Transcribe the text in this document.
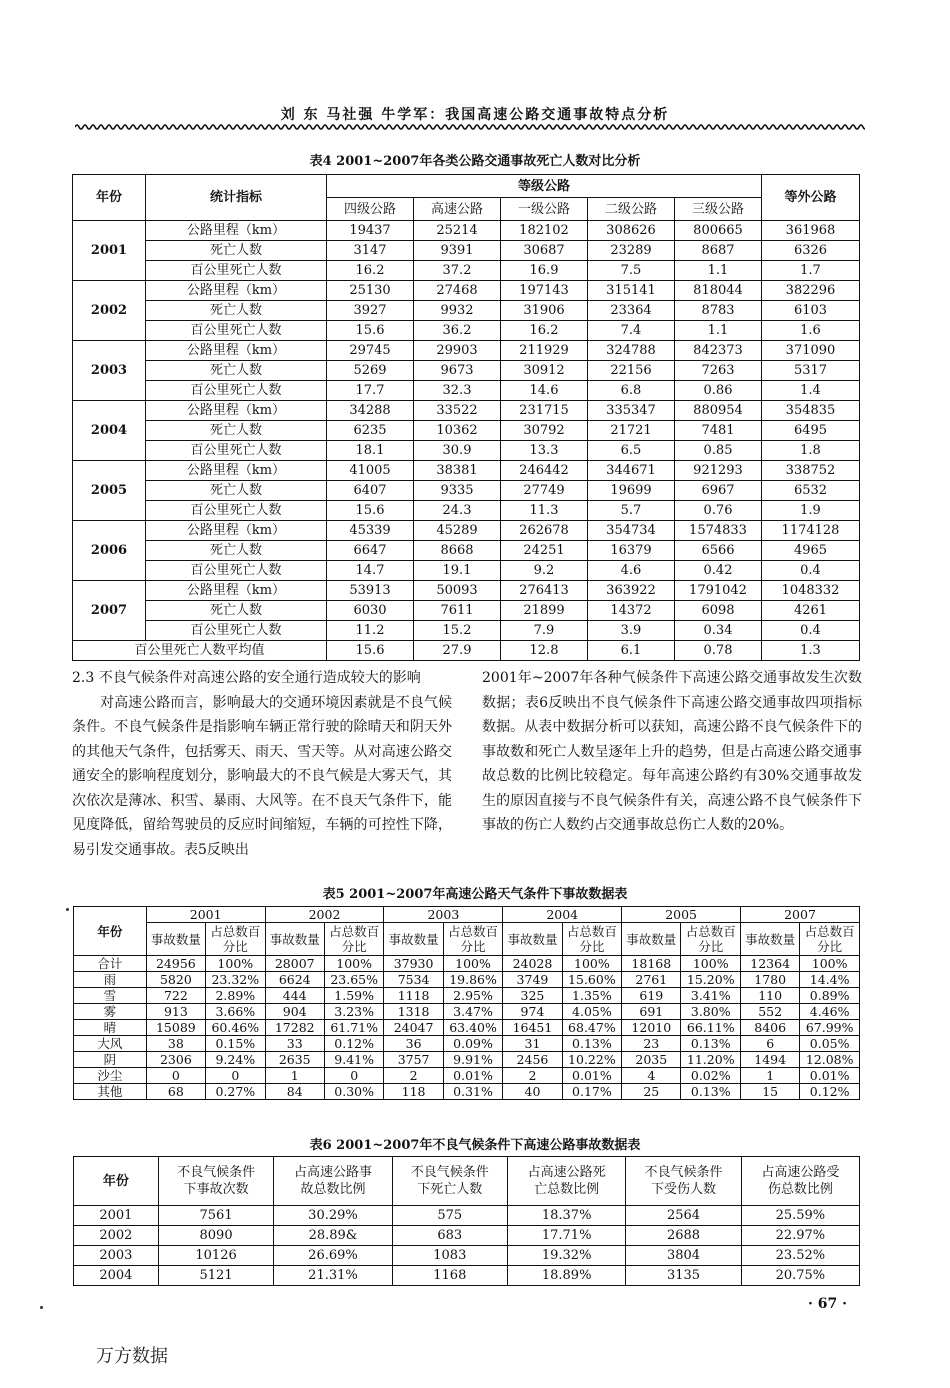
刘 东 马社强 牛学军：我国高速公路交通事故特点分析
表4 2001~2007年各类公路交通事故死亡人数对比分析
年份	统计指标	等级公路					等外公路
		四级公路	高速公路	一级公路	二级公路	三级公路	
2001	公路里程（km）	19437	25214	182102	308626	800665	361968
	死亡人数	3147	9391	30687	23289	8687	6326
	百公里死亡人数	16.2	37.2	16.9	7.5	1.1	1.7
2002	公路里程（km）	25130	27468	197143	315141	818044	382296
	死亡人数	3927	9932	31906	23364	8783	6103
	百公里死亡人数	15.6	36.2	16.2	7.4	1.1	1.6
2003	公路里程（km）	29745	29903	211929	324788	842373	371090
	死亡人数	5269	9673	30912	22156	7263	5317
	百公里死亡人数	17.7	32.3	14.6	6.8	0.86	1.4
2004	公路里程（km）	34288	33522	231715	335347	880954	354835
	死亡人数	6235	10362	30792	21721	7481	6495
	百公里死亡人数	18.1	30.9	13.3	6.5	0.85	1.8
2005	公路里程（km）	41005	38381	246442	344671	921293	338752
	死亡人数	6407	9335	27749	19699	6967	6532
	百公里死亡人数	15.6	24.3	11.3	5.7	0.76	1.9
2006	公路里程（km）	45339	45289	262678	354734	1574833	1174128
	死亡人数	6647	8668	24251	16379	6566	4965
	百公里死亡人数	14.7	19.1	9.2	4.6	0.42	0.4
2007	公路里程（km）	53913	50093	276413	363922	1791042	1048332
	死亡人数	6030	7611	21899	14372	6098	4261
	百公里死亡人数	11.2	15.2	7.9	3.9	0.34	0.4
百公里死亡人数平均值		15.6	27.9	12.8	6.1	0.78	1.3
2.3 不良气候条件对高速公路的安全通行造成较大的影响
对高速公路而言，影响最大的交通环境因素就是不良气候条件。不良气候条件是指影响车辆正常行驶的除晴天和阴天外的其他天气条件，包括雾天、雨天、雪天等。从对高速公路交通安全的影响程度划分，影响最大的不良气候是大雾天气，其次依次是薄冰、积雪、暴雨、大风等。在不良天气条件下，能见度降低，留给驾驶员的反应时间缩短，车辆的可控性下降，易引发交通事故。表5反映出
2001年~2007年各种气候条件下高速公路交通事故发生次数数据；表6反映出不良气候条件下高速公路交通事故四项指标数据。从表中数据分析可以获知，高速公路不良气候条件下的事故数和死亡人数呈逐年上升的趋势，但是占高速公路交通事故总数的比例比较稳定。每年高速公路约有30%交通事故发生的原因直接与不良气候条件有关，高速公路不良气候条件下事故的伤亡人数约占交通事故总伤亡人数的20%。
表5 2001~2007年高速公路天气条件下事故数据表
年份	2001		2002		2003		2004		2005		2007	
	事故数量	占总数百分比	事故数量	占总数百分比	事故数量	占总数百分比	事故数量	占总数百分比	事故数量	占总数百分比	事故数量	占总数百分比
合计	24956	100%	28007	100%	37930	100%	24028	100%	18168	100%	12364	100%
雨	5820	23.32%	6624	23.65%	7534	19.86%	3749	15.60%	2761	15.20%	1780	14.4%
雪	722	2.89%	444	1.59%	1118	2.95%	325	1.35%	619	3.41%	110	0.89%
雾	913	3.66%	904	3.23%	1318	3.47%	974	4.05%	691	3.80%	552	4.46%
晴	15089	60.46%	17282	61.71%	24047	63.40%	16451	68.47%	12010	66.11%	8406	67.99%
大风	38	0.15%	33	0.12%	36	0.09%	31	0.13%	23	0.13%	6	0.05%
阴	2306	9.24%	2635	9.41%	3757	9.91%	2456	10.22%	2035	11.20%	1494	12.08%
沙尘	0	0	1	0	2	0.01%	2	0.01%	4	0.02%	1	0.01%
其他	68	0.27%	84	0.30%	118	0.31%	40	0.17%	25	0.13%	15	0.12%
表6 2001~2007年不良气候条件下高速公路事故数据表
年份	不良气候条件下事故次数	占高速公路事故总数比例	不良气候条件下死亡人数	占高速公路死亡总数比例	不良气候条件下受伤人数	占高速公路受伤总数比例
2001	7561	30.29%	575	18.37%	2564	25.59%
2002	8090	28.89&	683	17.71%	2688	22.97%
2003	10126	26.69%	1083	19.32%	3804	23.52%
2004	5121	21.31%	1168	18.89%	3135	20.75%
· 67 ·
万方数据
